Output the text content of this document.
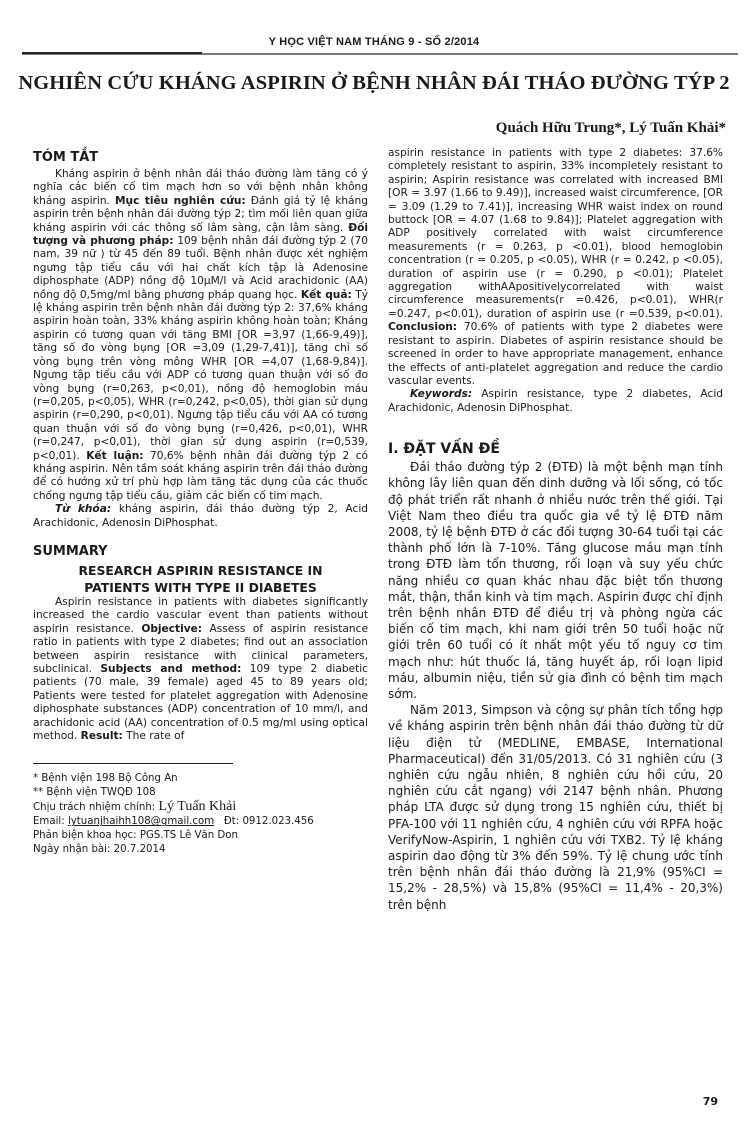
Y HỌC VIỆT NAM THÁNG 9 - SỐ 2/2014
NGHIÊN CỨU KHÁNG ASPIRIN Ở BỆNH NHÂN ĐÁI THÁO ĐƯỜNG TÝP 2
Quách Hữu Trung*, Lý Tuấn Khải*
TÓM TẮT

Kháng aspirin ở bệnh nhân đái tháo đường làm tăng có ý nghĩa các biến cố tim mạch hơn so với bệnh nhân không kháng aspirin. Mục tiêu nghiên cứu: Đánh giá tỷ lệ kháng aspirin trên bệnh nhân đái đường týp 2; tìm mối liên quan giữa kháng aspirin với các thông số lâm sàng, cận lâm sàng. Đối tượng và phương pháp: 109 bệnh nhân đái đường týp 2 (70 nam, 39 nữ ) từ 45 đến 89 tuổi. Bệnh nhân được xét nghiệm ngưng tập tiểu cầu với hai chất kích tập là Adenosine diphosphate (ADP) nồng độ 10µM/l và Acid arachidonic (AA) nồng độ 0,5mg/ml bằng phương pháp quang học. Kết quả: Tỷ lệ kháng aspirin trên bệnh nhân đái đường týp 2: 37,6% kháng aspirin hoàn toàn, 33% kháng aspirin không hoàn toàn; Kháng aspirin có tương quan với tăng BMI [OR =3,97 (1,66-9,49)], tăng số đo vòng bụng [OR =3,09 (1,29-7,41)], tăng chỉ số vòng bụng trên vòng mông WHR [OR =4,07 (1,68-9,84)]. Ngưng tập tiểu cầu với ADP có tương quan thuận với số đo vòng bụng (r=0,263, p<0,01), nồng độ hemoglobin máu (r=0,205, p<0,05), WHR (r=0,242, p<0,05), thời gian sử dụng aspirin (r=0,290, p<0,01). Ngưng tập tiểu cầu với AA có tương quan thuận với số đo vòng bụng (r=0,426, p<0,01), WHR (r=0,247, p<0,01), thời gian sử dụng aspirin (r=0,539, p<0,01). Kết luận: 70,6% bệnh nhân đái đường týp 2 có kháng aspirin. Nên tầm soát kháng aspirin trên đái tháo đường để có hướng xử trí phù hợp làm tăng tác dụng của các thuốc chống ngưng tập tiểu cầu, giảm các biến cố tim mạch.

Từ khóa: kháng aspirin, đái tháo đường týp 2, Acid Arachidonic, Adenosin DiPhosphat.

SUMMARY
RESEARCH ASPIRIN RESISTANCE IN
PATIENTS WITH TYPE II DIABETES

Aspirin resistance in patients with diabetes significantly increased the cardio vascular event than patients without aspirin resistance. Objective: Assess of aspirin resistance ratio in patients with type 2 diabetes; find out an association between aspirin resistance with clinical parameters, subclinical. Subjects and method: 109 type 2 diabetic patients (70 male, 39 female) aged 45 to 89 years old; Patients were tested for platelet aggregation with Adenosine diphosphate substances (ADP) concentration of 10 mm/l, and arachidonic acid (AA) concentration of 0.5 mg/ml using optical method. Result: The rate of

* Bệnh viện 198 Bộ Công An
** Bệnh viện TWQĐ 108
Chịu trách nhiệm chính: Lý Tuấn Khải
Email: lytuanjhaihh108@gmail.com Đt: 0912.023.456
Phản biện khoa học: PGS.TS Lê Văn Don
Ngày nhận bài: 20.7.2014

aspirin resistance in patients with type 2 diabetes: 37.6% completely resistant to aspirin, 33% incompletely resistant to aspirin; Aspirin resistance was correlated with increased BMI [OR = 3.97 (1.66 to 9.49)], increased waist circumference, [OR = 3.09 (1.29 to 7.41)], increasing WHR waist index on round buttock [OR = 4.07 (1.68 to 9.84)]; Platelet aggregation with ADP positively correlated with waist circumference measurements (r = 0.263, p <0.01), blood hemoglobin concentration (r = 0.205, p <0.05), WHR (r = 0.242, p <0.05), duration of aspirin use (r = 0.290, p <0.01); Platelet aggregation withAApositivelycorrelated with waist circumference measurements(r =0.426, p<0.01), WHR(r =0.247, p<0.01), duration of aspirin use (r =0.539, p<0.01). Conclusion: 70.6% of patients with type 2 diabetes were resistant to aspirin. Diabetes of aspirin resistance should be screened in order to have appropriate management, enhance the effects of anti-platelet aggregation and reduce the cardio vascular events.

Keywords: Aspirin resistance, type 2 diabetes, Acid Arachidonic, Adenosin DiPhosphat.

I. ĐẶT VẤN ĐỀ

Đái tháo đường týp 2 (ĐTĐ) là một bệnh mạn tính không lây liên quan đến dinh dưỡng và lối sống, có tốc độ phát triển rất nhanh ở nhiều nước trên thế giới. Tại Việt Nam theo điều tra quốc gia về tỷ lệ ĐTĐ năm 2008, tỷ lệ bệnh ĐTĐ ở các đối tượng 30-64 tuổi tại các thành phố lớn là 7-10%. Tăng glucose máu mạn tính trong ĐTĐ làm tổn thương, rối loạn và suy yếu chức năng nhiều cơ quan khác nhau đặc biệt tổn thương mắt, thận, thần kinh và tim mạch. Aspirin được chỉ định trên bệnh nhân ĐTĐ để điều trị và phòng ngừa các biến cố tim mạch, khi nam giới trên 50 tuổi hoặc nữ giới trên 60 tuổi có ít nhất một yếu tố nguy cơ tim mạch như: hút thuốc lá, tăng huyết áp, rối loạn lipid máu, albumin niệu, tiền sử gia đình có bệnh tim mạch sớm.

Năm 2013, Simpson và cộng sự phân tích tổng hợp về kháng aspirin trên bệnh nhân đái tháo đường từ dữ liệu điện tử (MEDLINE, EMBASE, International Pharmaceutical) đến 31/05/2013. Có 31 nghiên cứu (3 nghiên cứu ngẫu nhiên, 8 nghiên cứu hồi cứu, 20 nghiên cứu cắt ngang) với 2147 bệnh nhân. Phương pháp LTA được sử dụng trong 15 nghiên cứu, thiết bị PFA-100 với 11 nghiên cứu, 4 nghiên cứu với RPFA hoặc VerifyNow-Aspirin, 1 nghiên cứu với TXB2. Tỷ lệ kháng aspirin dao động từ 3% đến 59%. Tỷ lệ chung ước tính trên bệnh nhân đái tháo đường là 21,9% (95%CI = 15,2% - 28,5%) và 15,8% (95%CI = 11,4% - 20,3%) trên bệnh

79
